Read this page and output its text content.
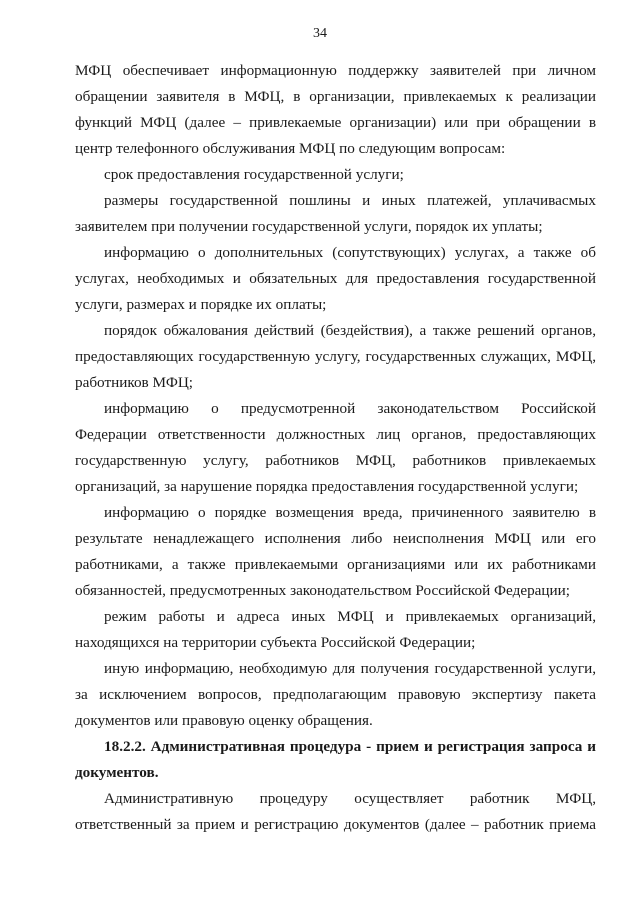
34

МФЦ обеспечивает информационную поддержку заявителей при личном обращении заявителя в МФЦ, в организации, привлекаемых к реализации функций МФЦ (далее – привлекаемые организации) или при обращении в центр телефонного обслуживания МФЦ по следующим вопросам:

срок предоставления государственной услуги;

размеры государственной пошлины и иных платежей, уплачивасмых заявителем при получении государственной услуги, порядок их уплаты;

информацию о дополнительных (сопутствующих) услугах, а также об услугах, необходимых и обязательных для предоставления государственной услуги, размерах и порядке их оплаты;

порядок обжалования действий (бездействия), а также решений органов, предоставляющих государственную услугу, государственных служащих, МФЦ, работников МФЦ;

информацию о предусмотренной законодательством Российской Федерации ответственности должностных лиц органов, предоставляющих государственную услугу, работников МФЦ, работников привлекаемых организаций, за нарушение порядка предоставления государственной услуги;

информацию о порядке возмещения вреда, причиненного заявителю в результате ненадлежащего исполнения либо неисполнения МФЦ или его работниками, а также привлекаемыми организациями или их работниками обязанностей, предусмотренных законодательством Российской Федерации;

режим работы и адреса иных МФЦ и привлекаемых организаций, находящихся на территории субъекта Российской Федерации;

иную информацию, необходимую для получения государственной услуги, за исключением вопросов, предполагающим правовую экспертизу пакета документов или правовую оценку обращения.

18.2.2. Административная процедура - прием и регистрация запроса и документов.

Административную процедуру осуществляет работник МФЦ, ответственный за прием и регистрацию документов (далее – работник приема
